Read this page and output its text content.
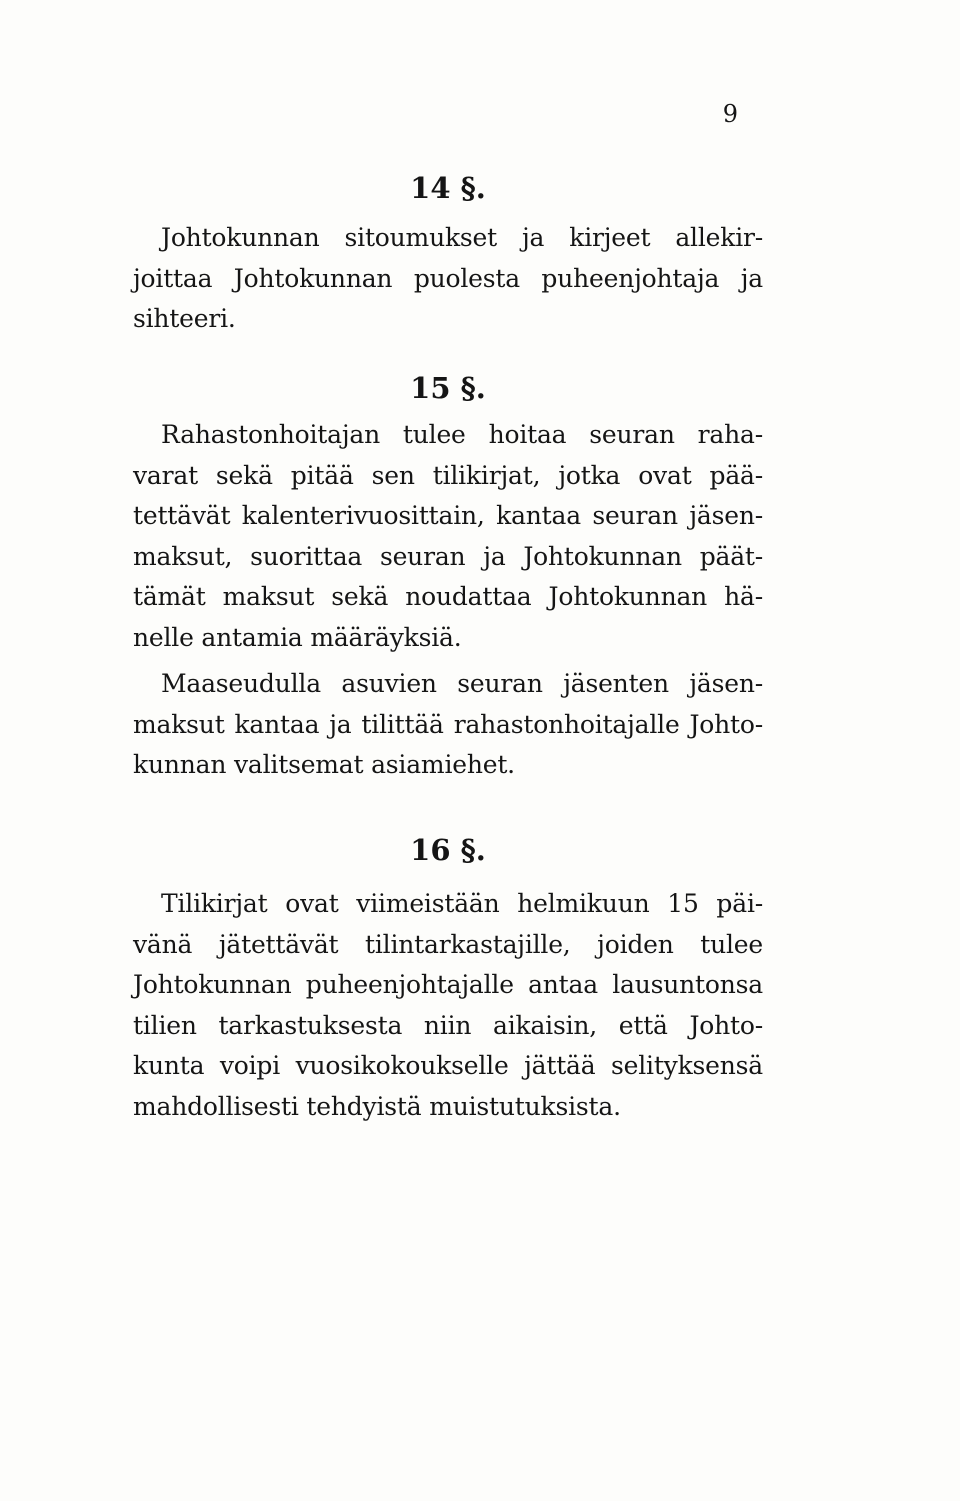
9
14 §.
Johtokunnan sitoumukset ja kirjeet allekir-
joittaa Johtokunnan puolesta puheenjohtaja ja
sihteeri.
15 §.
Rahastonhoitajan tulee hoitaa seuran raha-
varat sekä pitää sen tilikirjat, jotka ovat pää-
tettävät kalenterivuosittain, kantaa seuran jäsen-
maksut, suorittaa seuran ja Johtokunnan päät-
tämät maksut sekä noudattaa Johtokunnan hä-
nelle antamia määräyksiä.
Maaseudulla asuvien seuran jäsenten jäsen-
maksut kantaa ja tilittää rahastonhoitajalle Johto-
kunnan valitsemat asiamiehet.
16 §.
Tilikirjat ovat viimeistään helmikuun 15 päi-
vänä jätettävät tilintarkastajille, joiden tulee
Johtokunnan puheenjohtajalle antaa lausuntonsa
tilien tarkastuksesta niin aikaisin, että Johto-
kunta voipi vuosikokoukselle jättää selityksensä
mahdollisesti tehdyistä muistutuksista.
